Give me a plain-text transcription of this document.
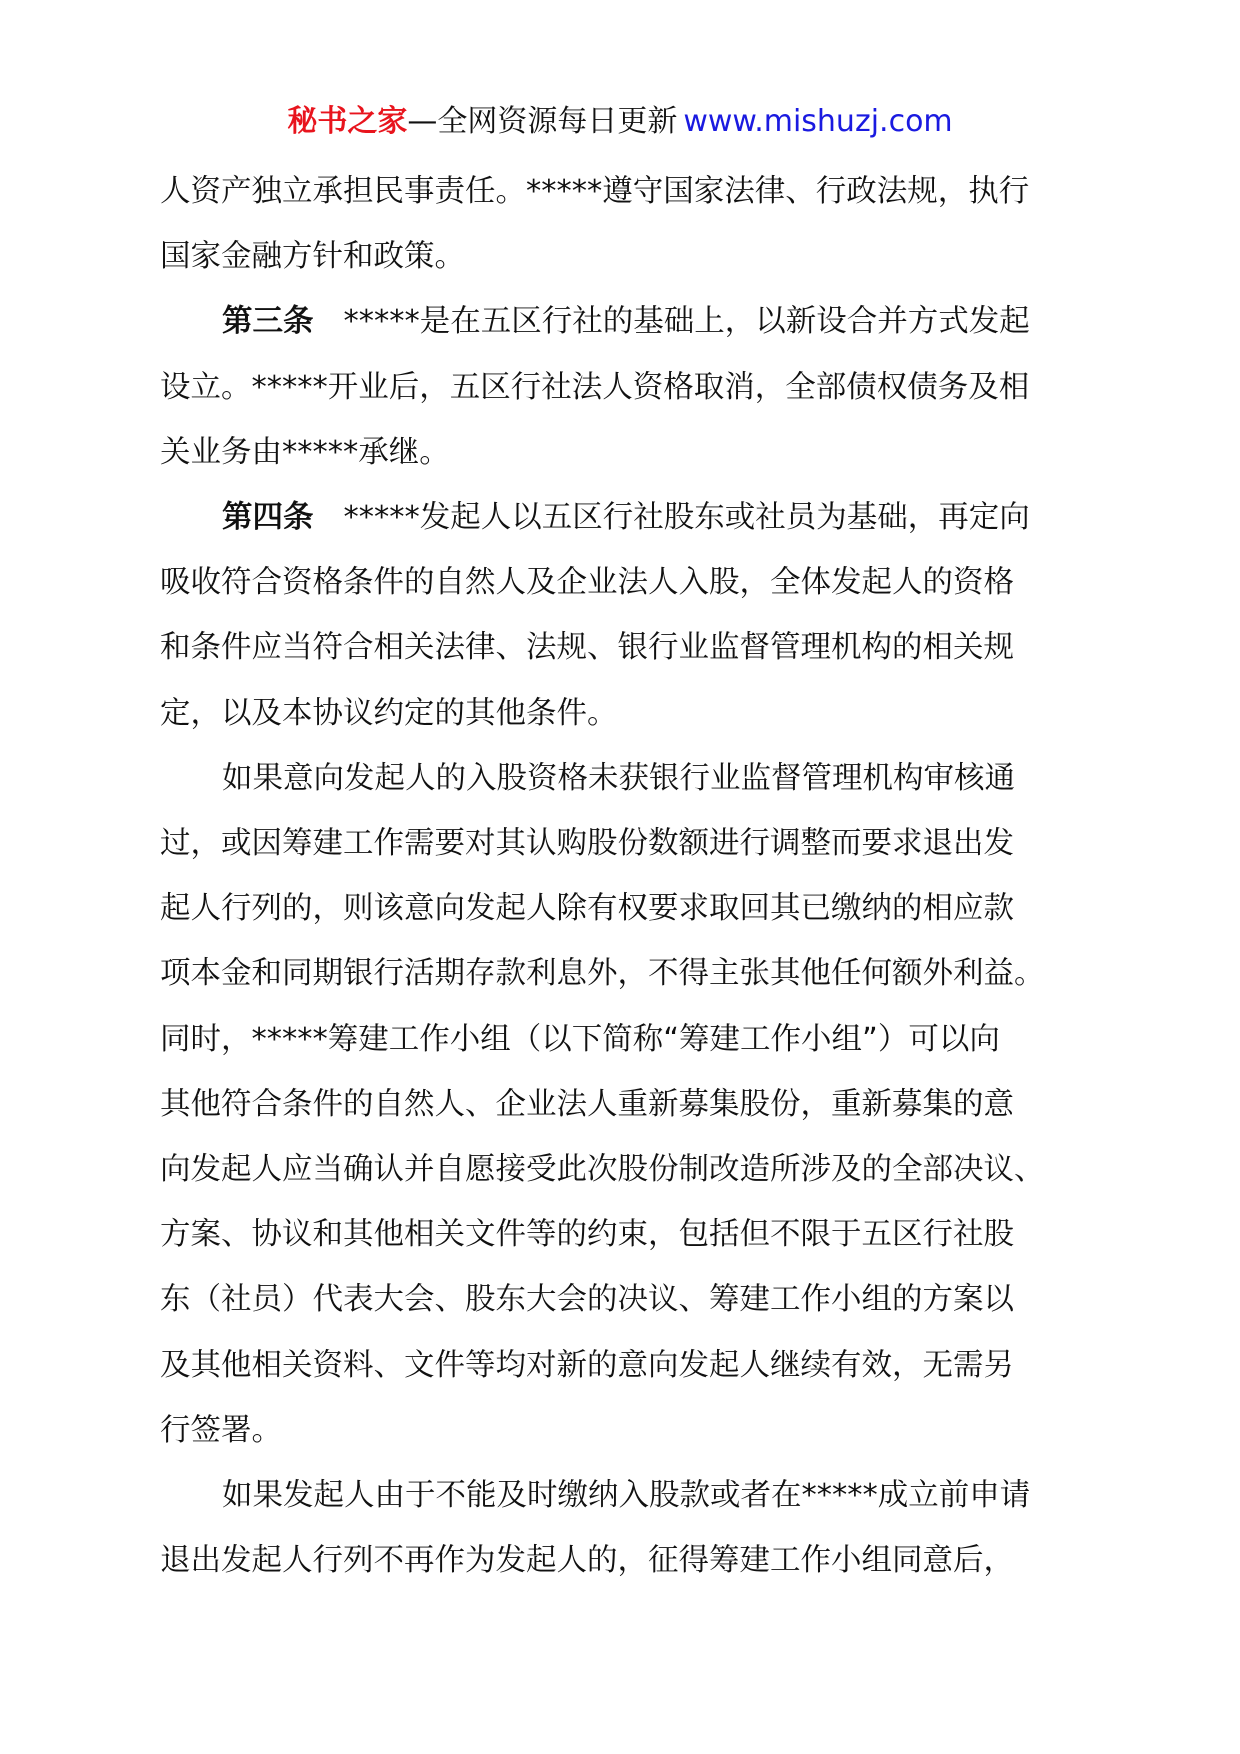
秘书之家—全网资源每日更新 www.mishuzj.com

人资产独立承担民事责任。*****遵守国家法律、行政法规，执行

国家金融方针和政策。

第三条 *****是在五区行社的基础上，以新设合并方式发起

设立。*****开业后，五区行社法人资格取消，全部债权债务及相

关业务由*****承继。

第四条 *****发起人以五区行社股东或社员为基础，再定向

吸收符合资格条件的自然人及企业法人入股，全体发起人的资格

和条件应当符合相关法律、法规、银行业监督管理机构的相关规

定，以及本协议约定的其他条件。

如果意向发起人的入股资格未获银行业监督管理机构审核通

过，或因筹建工作需要对其认购股份数额进行调整而要求退出发

起人行列的，则该意向发起人除有权要求取回其已缴纳的相应款

项本金和同期银行活期存款利息外，不得主张其他任何额外利益。

同时，*****筹建工作小组（以下简称“筹建工作小组”）可以向

其他符合条件的自然人、企业法人重新募集股份，重新募集的意

向发起人应当确认并自愿接受此次股份制改造所涉及的全部决议、

方案、协议和其他相关文件等的约束，包括但不限于五区行社股

东（社员）代表大会、股东大会的决议、筹建工作小组的方案以

及其他相关资料、文件等均对新的意向发起人继续有效，无需另

行签署。

如果发起人由于不能及时缴纳入股款或者在*****成立前申请

退出发起人行列不再作为发起人的，征得筹建工作小组同意后，
